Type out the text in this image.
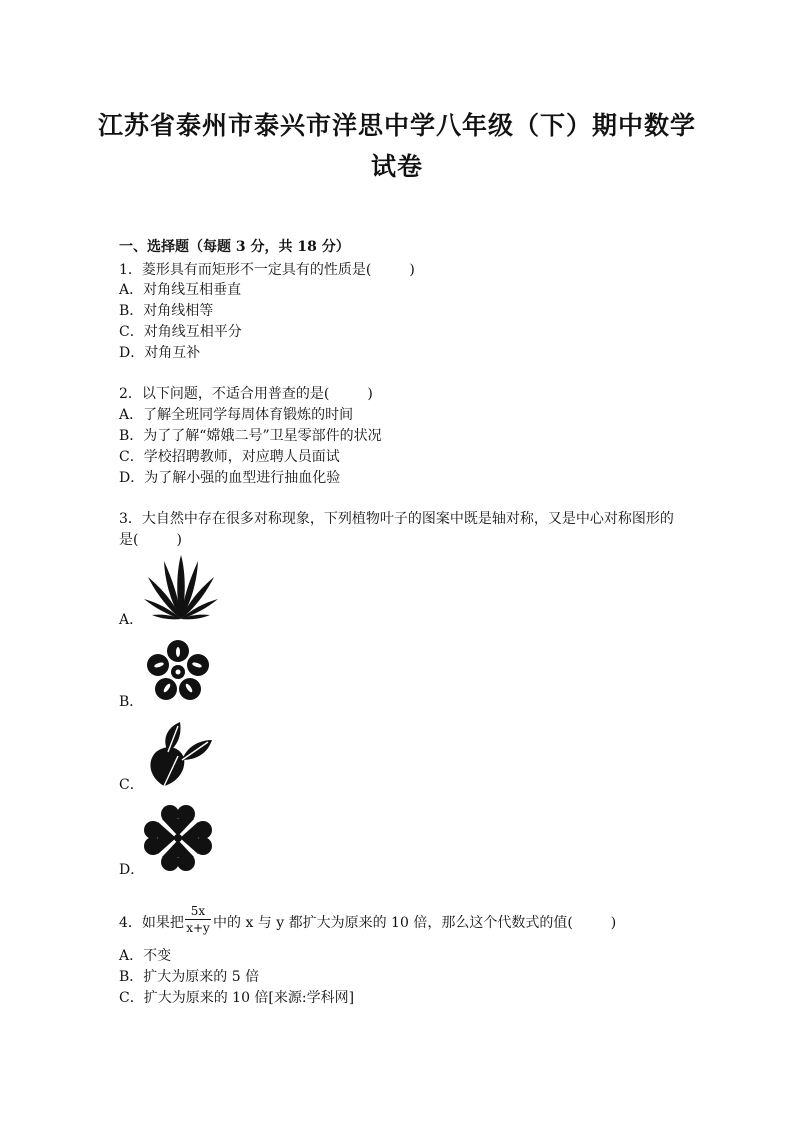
江苏省泰州市泰兴市洋思中学八年级（下）期中数学
试卷
一、选择题（每题 3 分，共 18 分）
1．菱形具有而矩形不一定具有的性质是(	)
A．对角线互相垂直
B．对角线相等
C．对角线互相平分
D．对角互补
2．以下问题，不适合用普查的是(	)
A．了解全班同学每周体育锻炼的时间
B．为了了解“嫦娥二号”卫星零部件的状况
C．学校招聘教师，对应聘人员面试
D．为了解小强的血型进行抽血化验
3．大自然中存在很多对称现象，下列植物叶子的图案中既是轴对称，又是中心对称图形的
是(	)
A．
B．
C．
D．
4．如果把 $\frac{5x}{x+y}$ 中的 x 与 y 都扩大为原来的 10 倍，那么这个代数式的值(	)
A．不变
B．扩大为原来的 5 倍
C．扩大为原来的 10 倍[来源:学科网]
